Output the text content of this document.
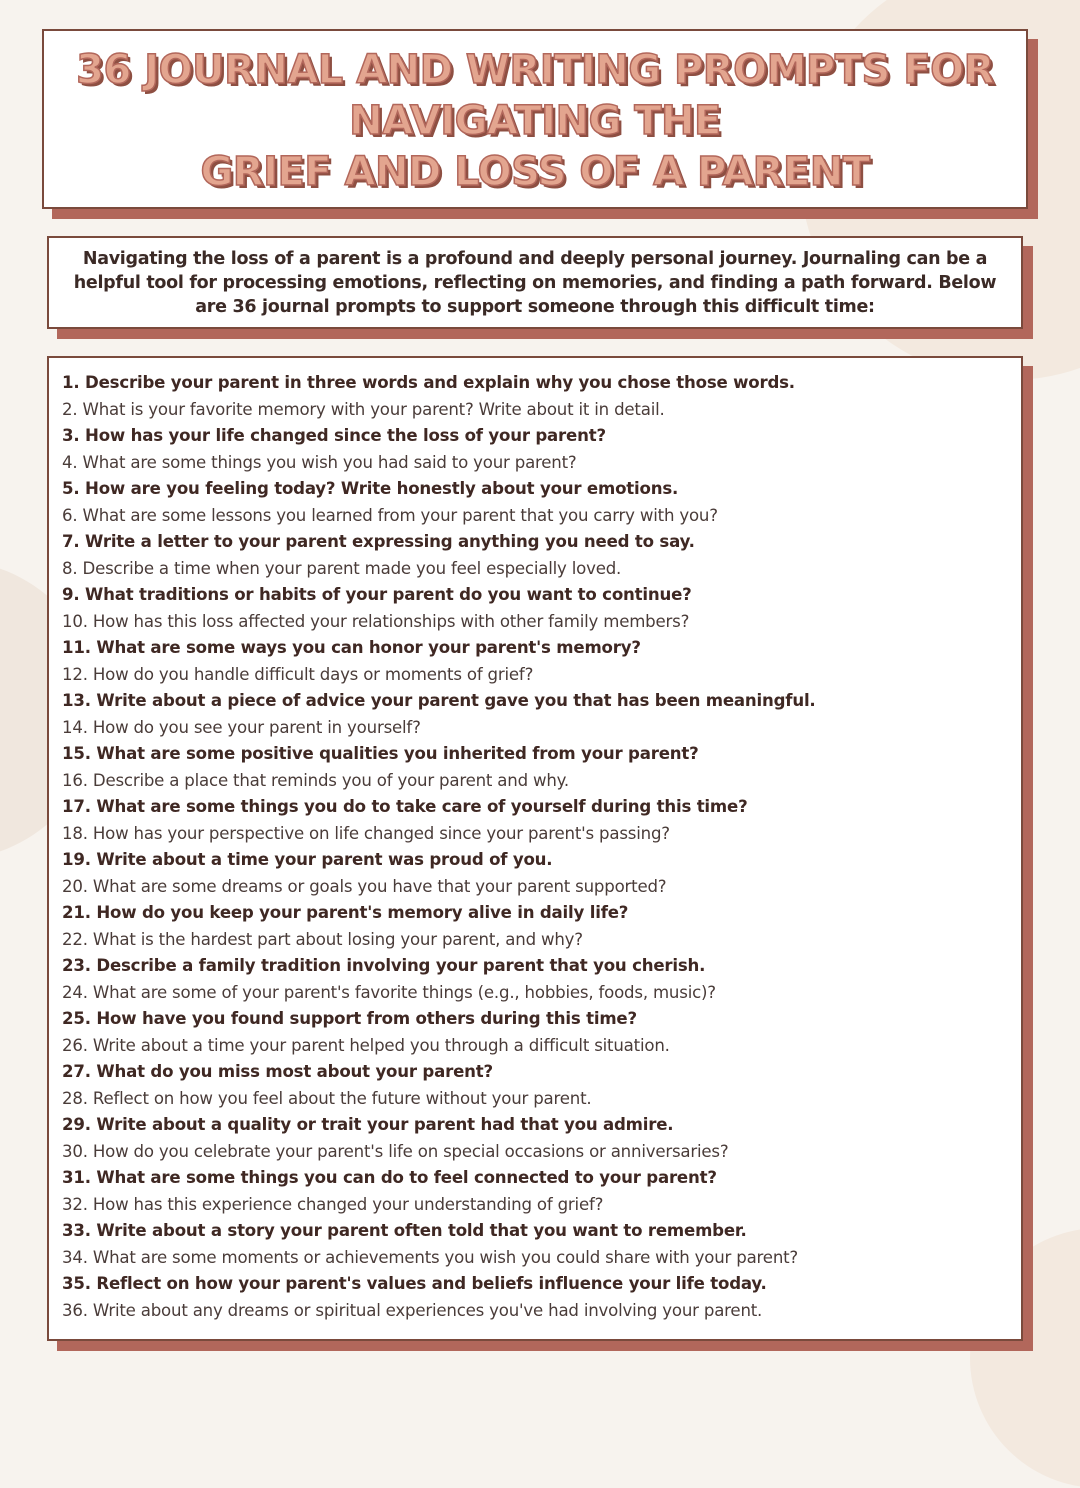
36 JOURNAL AND WRITING PROMPTS FOR
NAVIGATING THE
GRIEF AND LOSS OF A PARENT

Navigating the loss of a parent is a profound and deeply personal journey. Journaling can be a helpful tool for processing emotions, reflecting on memories, and finding a path forward. Below are 36 journal prompts to support someone through this difficult time:

1. Describe your parent in three words and explain why you chose those words.
2. What is your favorite memory with your parent? Write about it in detail.
3. How has your life changed since the loss of your parent?
4. What are some things you wish you had said to your parent?
5. How are you feeling today? Write honestly about your emotions.
6. What are some lessons you learned from your parent that you carry with you?
7. Write a letter to your parent expressing anything you need to say.
8. Describe a time when your parent made you feel especially loved.
9. What traditions or habits of your parent do you want to continue?
10. How has this loss affected your relationships with other family members?
11. What are some ways you can honor your parent's memory?
12. How do you handle difficult days or moments of grief?
13. Write about a piece of advice your parent gave you that has been meaningful.
14. How do you see your parent in yourself?
15. What are some positive qualities you inherited from your parent?
16. Describe a place that reminds you of your parent and why.
17. What are some things you do to take care of yourself during this time?
18. How has your perspective on life changed since your parent's passing?
19. Write about a time your parent was proud of you.
20. What are some dreams or goals you have that your parent supported?
21. How do you keep your parent's memory alive in daily life?
22. What is the hardest part about losing your parent, and why?
23. Describe a family tradition involving your parent that you cherish.
24. What are some of your parent's favorite things (e.g., hobbies, foods, music)?
25. How have you found support from others during this time?
26. Write about a time your parent helped you through a difficult situation.
27. What do you miss most about your parent?
28. Reflect on how you feel about the future without your parent.
29. Write about a quality or trait your parent had that you admire.
30. How do you celebrate your parent's life on special occasions or anniversaries?
31. What are some things you can do to feel connected to your parent?
32. How has this experience changed your understanding of grief?
33. Write about a story your parent often told that you want to remember.
34. What are some moments or achievements you wish you could share with your parent?
35. Reflect on how your parent's values and beliefs influence your life today.
36. Write about any dreams or spiritual experiences you've had involving your parent.
